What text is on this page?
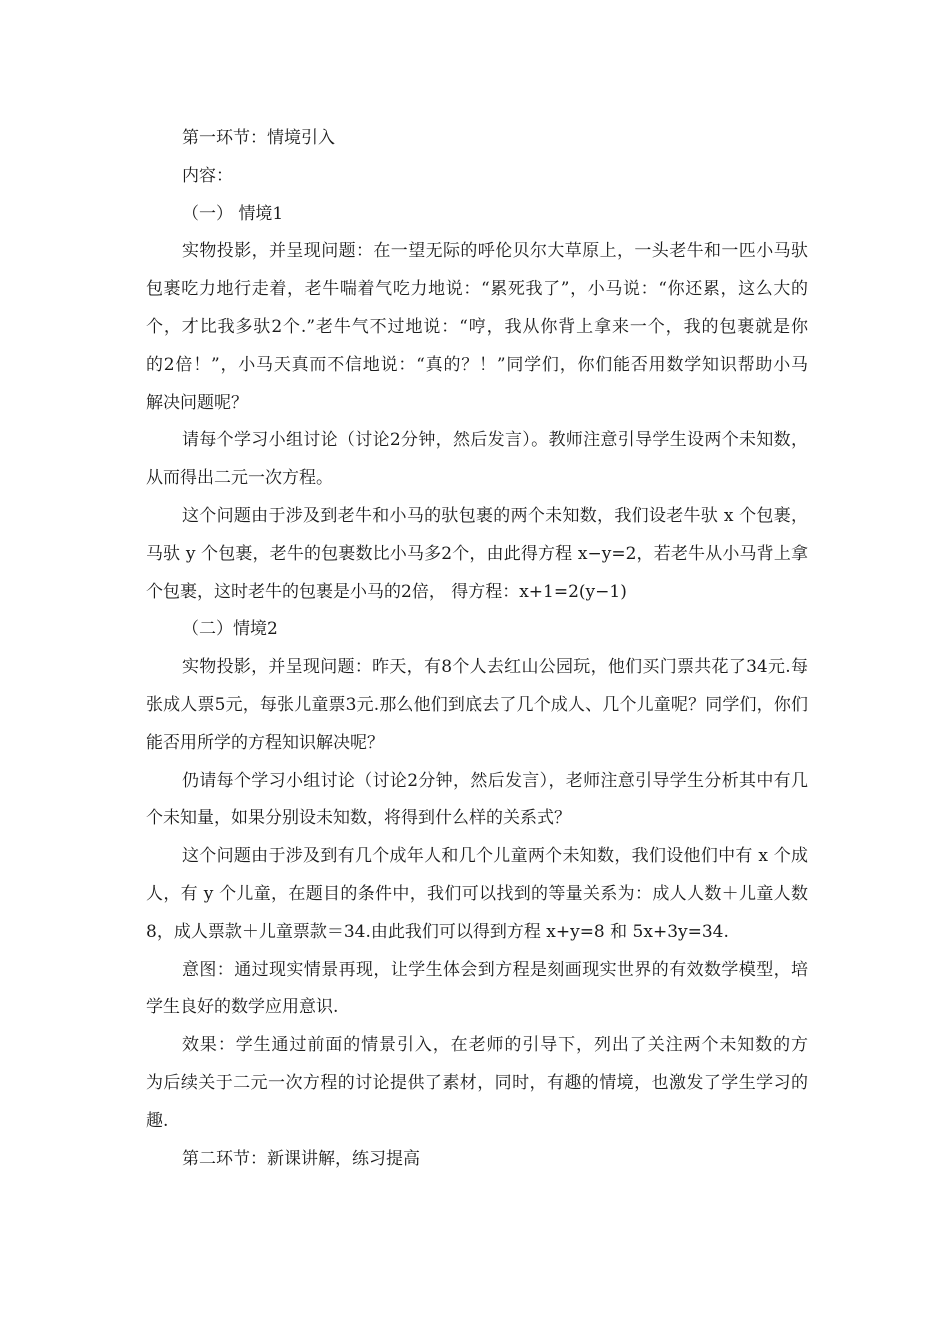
第一环节：情境引入
内容：
（一） 情境1
实物投影，并呈现问题：在一望无际的呼伦贝尔大草原上，一头老牛和一匹小马驮
包裹吃力地行走着，老牛喘着气吃力地说：“累死我了”，小马说：“你还累，这么大的
个，才比我多驮2个.”老牛气不过地说：“哼，我从你背上拿来一个，我的包裹就是你
的2倍！”，小马天真而不信地说：“真的？！”同学们，你们能否用数学知识帮助小马
解决问题呢？
请每个学习小组讨论（讨论2分钟，然后发言）。教师注意引导学生设两个未知数，
从而得出二元一次方程。
这个问题由于涉及到老牛和小马的驮包裹的两个未知数，我们设老牛驮 x 个包裹，
马驮 y 个包裹，老牛的包裹数比小马多2个，由此得方程 x−y=2，若老牛从小马背上拿
个包裹，这时老牛的包裹是小马的2倍， 得方程：x+1=2(y−1)
（二）情境2
实物投影，并呈现问题：昨天，有8个人去红山公园玩，他们买门票共花了34元.每
张成人票5元，每张儿童票3元.那么他们到底去了几个成人、几个儿童呢？同学们，你们
能否用所学的方程知识解决呢？
仍请每个学习小组讨论（讨论2分钟，然后发言），老师注意引导学生分析其中有几
个未知量，如果分别设未知数，将得到什么样的关系式？
这个问题由于涉及到有几个成年人和几个儿童两个未知数，我们设他们中有 x 个成
人，有 y 个儿童，在题目的条件中，我们可以找到的等量关系为：成人人数＋儿童人数
8，成人票款＋儿童票款＝34.由此我们可以得到方程 x+y=8 和 5x+3y=34.
意图：通过现实情景再现，让学生体会到方程是刻画现实世界的有效数学模型，培
学生良好的数学应用意识.
效果：学生通过前面的情景引入，在老师的引导下，列出了关注两个未知数的方
为后续关于二元一次方程的讨论提供了素材，同时，有趣的情境，也激发了学生学习的
趣.
第二环节：新课讲解，练习提高
